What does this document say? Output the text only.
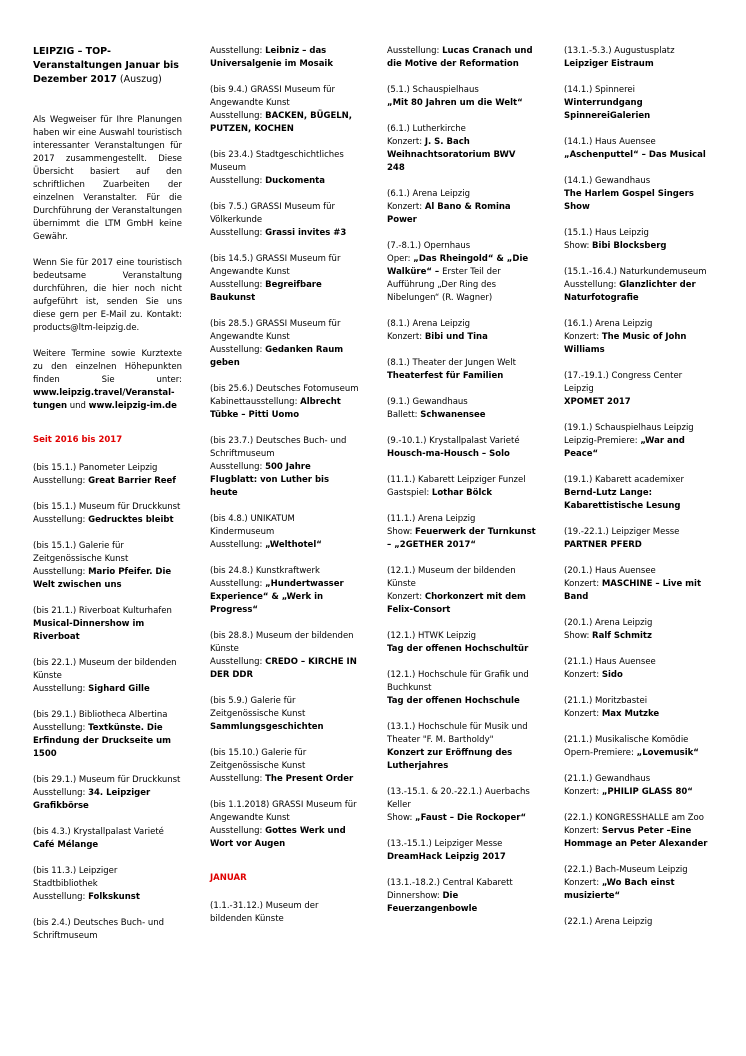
LEIPZIG – TOP-Veranstaltungen Januar bis Dezember 2017 (Auszug)
Als Wegweiser für Ihre Planungen haben wir eine Auswahl touristisch interessanter Veranstaltungen für 2017 zusammengestellt. Diese Übersicht basiert auf den schriftlichen Zuarbeiten der einzelnen Veranstalter. Für die Durchführung der Veranstaltungen übernimmt die LTM GmbH keine Gewähr.
Wenn Sie für 2017 eine touristisch bedeutsame Veranstaltung durchführen, die hier noch nicht aufgeführt ist, senden Sie uns diese gern per E-Mail zu. Kontakt: products@ltm-leipzig.de.
Weitere Termine sowie Kurztexte zu den einzelnen Höhepunkten finden Sie unter: www.leipzig.travel/Veranstal-tungen und www.leipzig-im.de
Seit 2016 bis 2017
(bis 15.1.) Panometer Leipzig
Ausstellung: Great Barrier Reef
(bis 15.1.) Museum für Druckkunst
Ausstellung: Gedrucktes bleibt
(bis 15.1.) Galerie für Zeitgenössische Kunst
Ausstellung: Mario Pfeifer. Die Welt zwischen uns
(bis 21.1.) Riverboat Kulturhafen
Musical-Dinnershow im Riverboat
(bis 22.1.) Museum der bildenden Künste
Ausstellung: Sighard Gille
(bis 29.1.) Bibliotheca Albertina
Ausstellung: Textkünste. Die Erfindung der Druckseite um 1500
(bis 29.1.) Museum für Druckkunst
Ausstellung: 34. Leipziger Grafikbörse
(bis 4.3.) Krystallpalast Varieté
Café Mélange
(bis 11.3.) Leipziger Stadtbibliothek
Ausstellung: Folkskunst
(bis 2.4.) Deutsches Buch- und Schriftmuseum
Ausstellung: Leibniz – das Universalgenie im Mosaik
(bis 9.4.) GRASSI Museum für Angewandte Kunst
Ausstellung: BACKEN, BÜGELN, PUTZEN, KOCHEN
(bis 23.4.) Stadtgeschichtliches Museum
Ausstellung: Duckomenta
(bis 7.5.) GRASSI Museum für Völkerkunde
Ausstellung: Grassi invites #3
(bis 14.5.) GRASSI Museum für Angewandte Kunst
Ausstellung: Begreifbare Baukunst
(bis 28.5.) GRASSI Museum für Angewandte Kunst
Ausstellung: Gedanken Raum geben
(bis 25.6.) Deutsches Fotomuseum
Kabinettausstellung: Albrecht Tübke – Pitti Uomo
(bis 23.7.) Deutsches Buch- und Schriftmuseum
Ausstellung: 500 Jahre Flugblatt: von Luther bis heute
(bis 4.8.) UNIKATUM Kindermuseum
Ausstellung: „Welthotel“
(bis 24.8.) Kunstkraftwerk
Ausstellung: „Hundertwasser Experience“ & „Werk in Progress“
(bis 28.8.) Museum der bildenden Künste
Ausstellung: CREDO – KIRCHE IN DER DDR
(bis 5.9.) Galerie für Zeitgenössische Kunst
Sammlungsgeschichten
(bis 15.10.) Galerie für Zeitgenössische Kunst
Ausstellung: The Present Order
(bis 1.1.2018) GRASSI Museum für Angewandte Kunst
Ausstellung: Gottes Werk und Wort vor Augen
JANUAR
(1.1.-31.12.) Museum der bildenden Künste
Ausstellung: Lucas Cranach und die Motive der Reformation
(5.1.) Schauspielhaus
„Mit 80 Jahren um die Welt“
(6.1.) Lutherkirche
Konzert: J. S. Bach Weihnachtsoratorium BWV 248
(6.1.) Arena Leipzig
Konzert: Al Bano & Romina Power
(7.-8.1.) Opernhaus
Oper: „Das Rheingold“ & „Die Walküre“ – Erster Teil der Aufführung „Der Ring des Nibelungen“ (R. Wagner)
(8.1.) Arena Leipzig
Konzert: Bibi und Tina
(8.1.) Theater der Jungen Welt
Theaterfest für Familien
(9.1.) Gewandhaus
Ballett: Schwanensee
(9.-10.1.) Krystallpalast Varieté
Housch-ma-Housch – Solo
(11.1.) Kabarett Leipziger Funzel
Gastspiel: Lothar Bölck
(11.1.) Arena Leipzig
Show: Feuerwerk der Turnkunst – „2GETHER 2017“
(12.1.) Museum der bildenden Künste
Konzert: Chorkonzert mit dem Felix-Consort
(12.1.) HTWK Leipzig
Tag der offenen Hochschultür
(12.1.) Hochschule für Grafik und Buchkunst
Tag der offenen Hochschule
(13.1.) Hochschule für Musik und Theater "F. M. Bartholdy"
Konzert zur Eröffnung des Lutherjahres
(13.-15.1. & 20.-22.1.) Auerbachs Keller
Show: „Faust – Die Rockoper“
(13.-15.1.) Leipziger Messe
DreamHack Leipzig 2017
(13.1.-18.2.) Central Kabarett
Dinnershow: Die Feuerzangenbowle
(13.1.-5.3.) Augustusplatz
Leipziger Eistraum
(14.1.) Spinnerei
Winterrundgang SpinnereiGalerien
(14.1.) Haus Auensee
„Aschenputtel“ – Das Musical
(14.1.) Gewandhaus
The Harlem Gospel Singers Show
(15.1.) Haus Leipzig
Show: Bibi Blocksberg
(15.1.-16.4.) Naturkundemuseum
Ausstellung: Glanzlichter der Naturfotografie
(16.1.) Arena Leipzig
Konzert: The Music of John Williams
(17.-19.1.) Congress Center Leipzig
XPOMET 2017
(19.1.) Schauspielhaus Leipzig
Leipzig-Premiere: „War and Peace“
(19.1.) Kabarett academixer
Bernd-Lutz Lange: Kabarettistische Lesung
(19.-22.1.) Leipziger Messe
PARTNER PFERD
(20.1.) Haus Auensee
Konzert: MASCHINE – Live mit Band
(20.1.) Arena Leipzig
Show: Ralf Schmitz
(21.1.) Haus Auensee
Konzert: Sido
(21.1.) Moritzbastei
Konzert: Max Mutzke
(21.1.) Musikalische Komödie
Opern-Premiere: „Lovemusik“
(21.1.) Gewandhaus
Konzert: „PHILIP GLASS 80“
(22.1.) KONGRESSHALLE am Zoo
Konzert: Servus Peter –Eine Hommage an Peter Alexander
(22.1.) Bach-Museum Leipzig
Konzert: „Wo Bach einst musizierte“
(22.1.) Arena Leipzig
